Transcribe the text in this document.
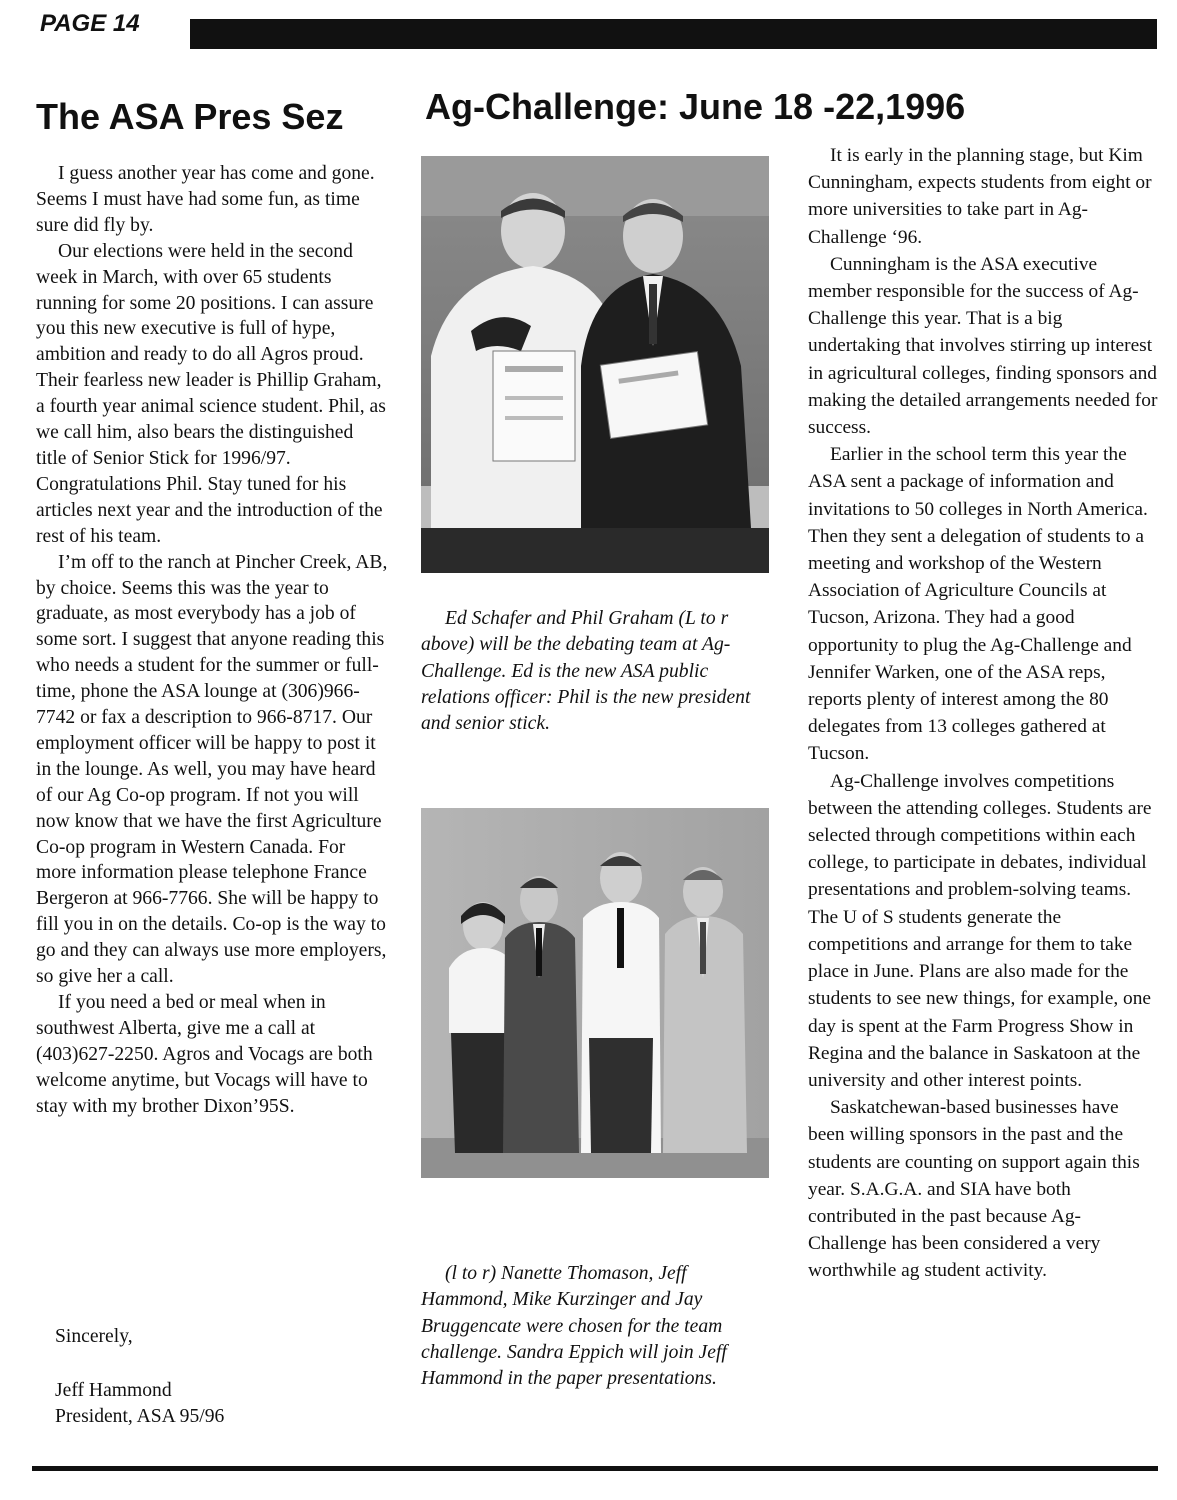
PAGE 14
The ASA Pres Sez Ag-Challenge: June 18 -22,1996

I guess another year has come and gone. Seems I must have had some fun, as time sure did fly by.

Our elections were held in the second week in March, with over 65 students running for some 20 positions. I can assure you this new executive is full of hype, ambition and ready to do all Agros proud. Their fearless new leader is Phillip Graham, a fourth year animal science student. Phil, as we call him, also bears the distinguished title of Senior Stick for 1996/97. Congratulations Phil. Stay tuned for his articles next year and the introduction of the rest of his team.

I’m off to the ranch at Pincher Creek, AB, by choice. Seems this was the year to graduate, as most everybody has a job of some sort. I suggest that anyone reading this who needs a student for the summer or full-time, phone the ASA lounge at (306)966-7742 or fax a description to 966-8717. Our employment officer will be happy to post it in the lounge. As well, you may have heard of our Ag Co-op program. If not you will now know that we have the first Agriculture Co-op program in Western Canada. For more information please telephone France Bergeron at 966-7766. She will be happy to fill you in on the details. Co-op is the way to go and they can always use more employers, so give her a call.

If you need a bed or meal when in southwest Alberta, give me a call at (403)627-2250. Agros and Vocags are both welcome anytime, but Vocags will have to stay with my brother Dixon’95S.

Sincerely,
Jeff Hammond
President, ASA 95/96
Ed Schafer and Phil Graham (L to r above) will be the debating team at Ag-Challenge. Ed is the new ASA public relations officer: Phil is the new president and senior stick.
(l to r) Nanette Thomason, Jeff Hammond, Mike Kurzinger and Jay Bruggencate were chosen for the team challenge. Sandra Eppich will join Jeff Hammond in the paper presentations.

It is early in the planning stage, but Kim Cunningham, expects students from eight or more universities to take part in Ag-Challenge ‘96.

Cunningham is the ASA executive member responsible for the success of Ag-Challenge this year. That is a big undertaking that involves stirring up interest in agricultural colleges, finding sponsors and making the detailed arrangements needed for success.

Earlier in the school term this year the ASA sent a package of information and invitations to 50 colleges in North America. Then they sent a delegation of students to a meeting and workshop of the Western Association of Agriculture Councils at Tucson, Arizona. They had a good opportunity to plug the Ag-Challenge and Jennifer Warken, one of the ASA reps, reports plenty of interest among the 80 delegates from 13 colleges gathered at Tucson.

Ag-Challenge involves competitions between the attending colleges. Students are selected through competitions within each college, to participate in debates, individual presentations and problem-solving teams. The U of S students generate the competitions and arrange for them to take place in June. Plans are also made for the students to see new things, for example, one day is spent at the Farm Progress Show in Regina and the balance in Saskatoon at the university and other interest points.

Saskatchewan-based businesses have been willing sponsors in the past and the students are counting on support again this year. S.A.G.A. and SIA have both contributed in the past because Ag-Challenge has been considered a very worthwhile ag student activity.
